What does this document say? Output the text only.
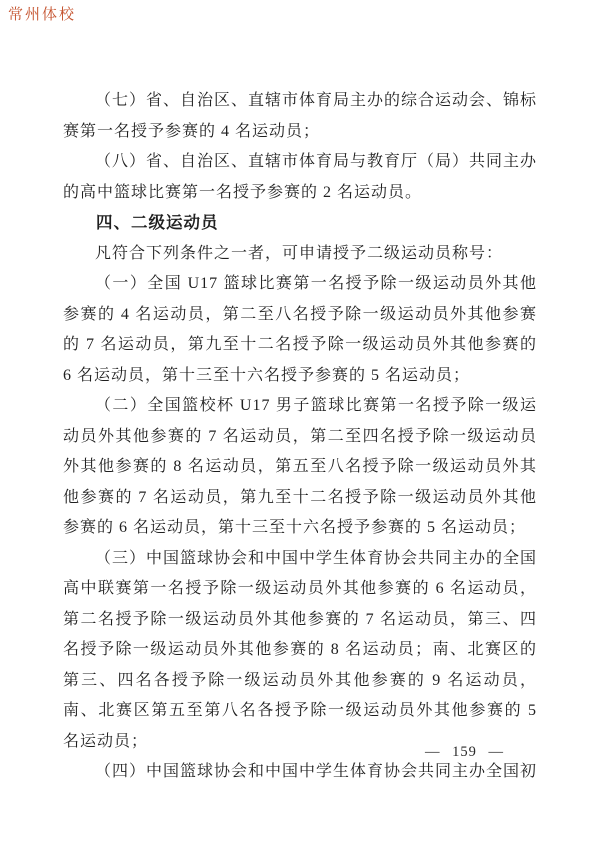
常州体校

（七）省、自治区、直辖市体育局主办的综合运动会、锦标赛第一名授予参赛的 4 名运动员；

（八）省、自治区、直辖市体育局与教育厅（局）共同主办的高中篮球比赛第一名授予参赛的 2 名运动员。

四、二级运动员

凡符合下列条件之一者，可申请授予二级运动员称号：

（一）全国 U17 篮球比赛第一名授予除一级运动员外其他参赛的 4 名运动员，第二至八名授予除一级运动员外其他参赛的 7 名运动员，第九至十二名授予除一级运动员外其他参赛的 6 名运动员，第十三至十六名授予参赛的 5 名运动员；

（二）全国篮校杯 U17 男子篮球比赛第一名授予除一级运动员外其他参赛的 7 名运动员，第二至四名授予除一级运动员外其他参赛的 8 名运动员，第五至八名授予除一级运动员外其他参赛的 7 名运动员，第九至十二名授予除一级运动员外其他参赛的 6 名运动员，第十三至十六名授予参赛的 5 名运动员；

（三）中国篮球协会和中国中学生体育协会共同主办的全国高中联赛第一名授予除一级运动员外其他参赛的 6 名运动员，第二名授予除一级运动员外其他参赛的 7 名运动员，第三、四名授予除一级运动员外其他参赛的 8 名运动员；南、北赛区的第三、四名各授予除一级运动员外其他参赛的 9 名运动员，南、北赛区第五至第八名各授予除一级运动员外其他参赛的 5 名运动员；

（四）中国篮球协会和中国中学生体育协会共同主办全国初

— 159 —
